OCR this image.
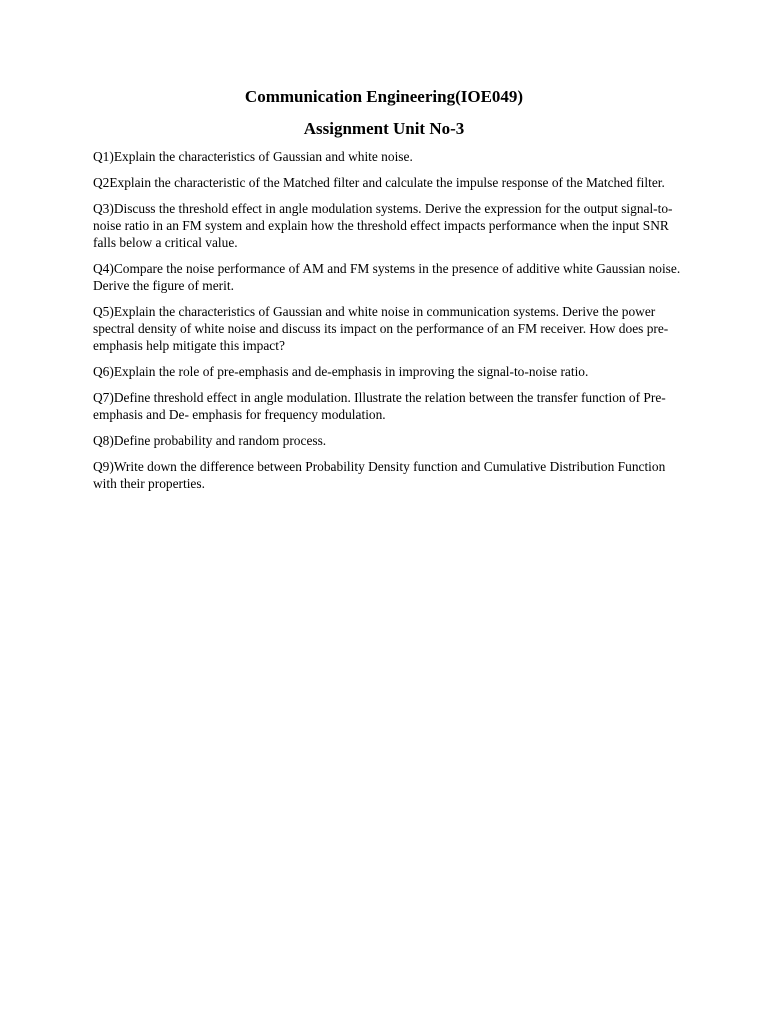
Communication Engineering(IOE049)
Assignment Unit No-3
Q1)Explain the characteristics of Gaussian and white noise.
Q2Explain the characteristic of the Matched filter and calculate the impulse response of the Matched filter.
Q3)Discuss the threshold effect in angle modulation systems. Derive the expression for the output signal-to-noise ratio in an FM system and explain how the threshold effect impacts performance when the input SNR falls below a critical value.
Q4)Compare the noise performance of AM and FM systems in the presence of additive white Gaussian noise. Derive the figure of merit.
Q5)Explain the characteristics of Gaussian and white noise in communication systems. Derive the power spectral density of white noise and discuss its impact on the performance of an FM receiver. How does pre-emphasis help mitigate this impact?
Q6)Explain the role of pre-emphasis and de-emphasis in improving the signal-to-noise ratio.
Q7)Define threshold effect in angle modulation. Illustrate the relation between the transfer function of Pre-emphasis and De- emphasis for frequency modulation.
Q8)Define probability and random process.
Q9)Write down the difference between Probability Density function and Cumulative Distribution Function with their properties.
